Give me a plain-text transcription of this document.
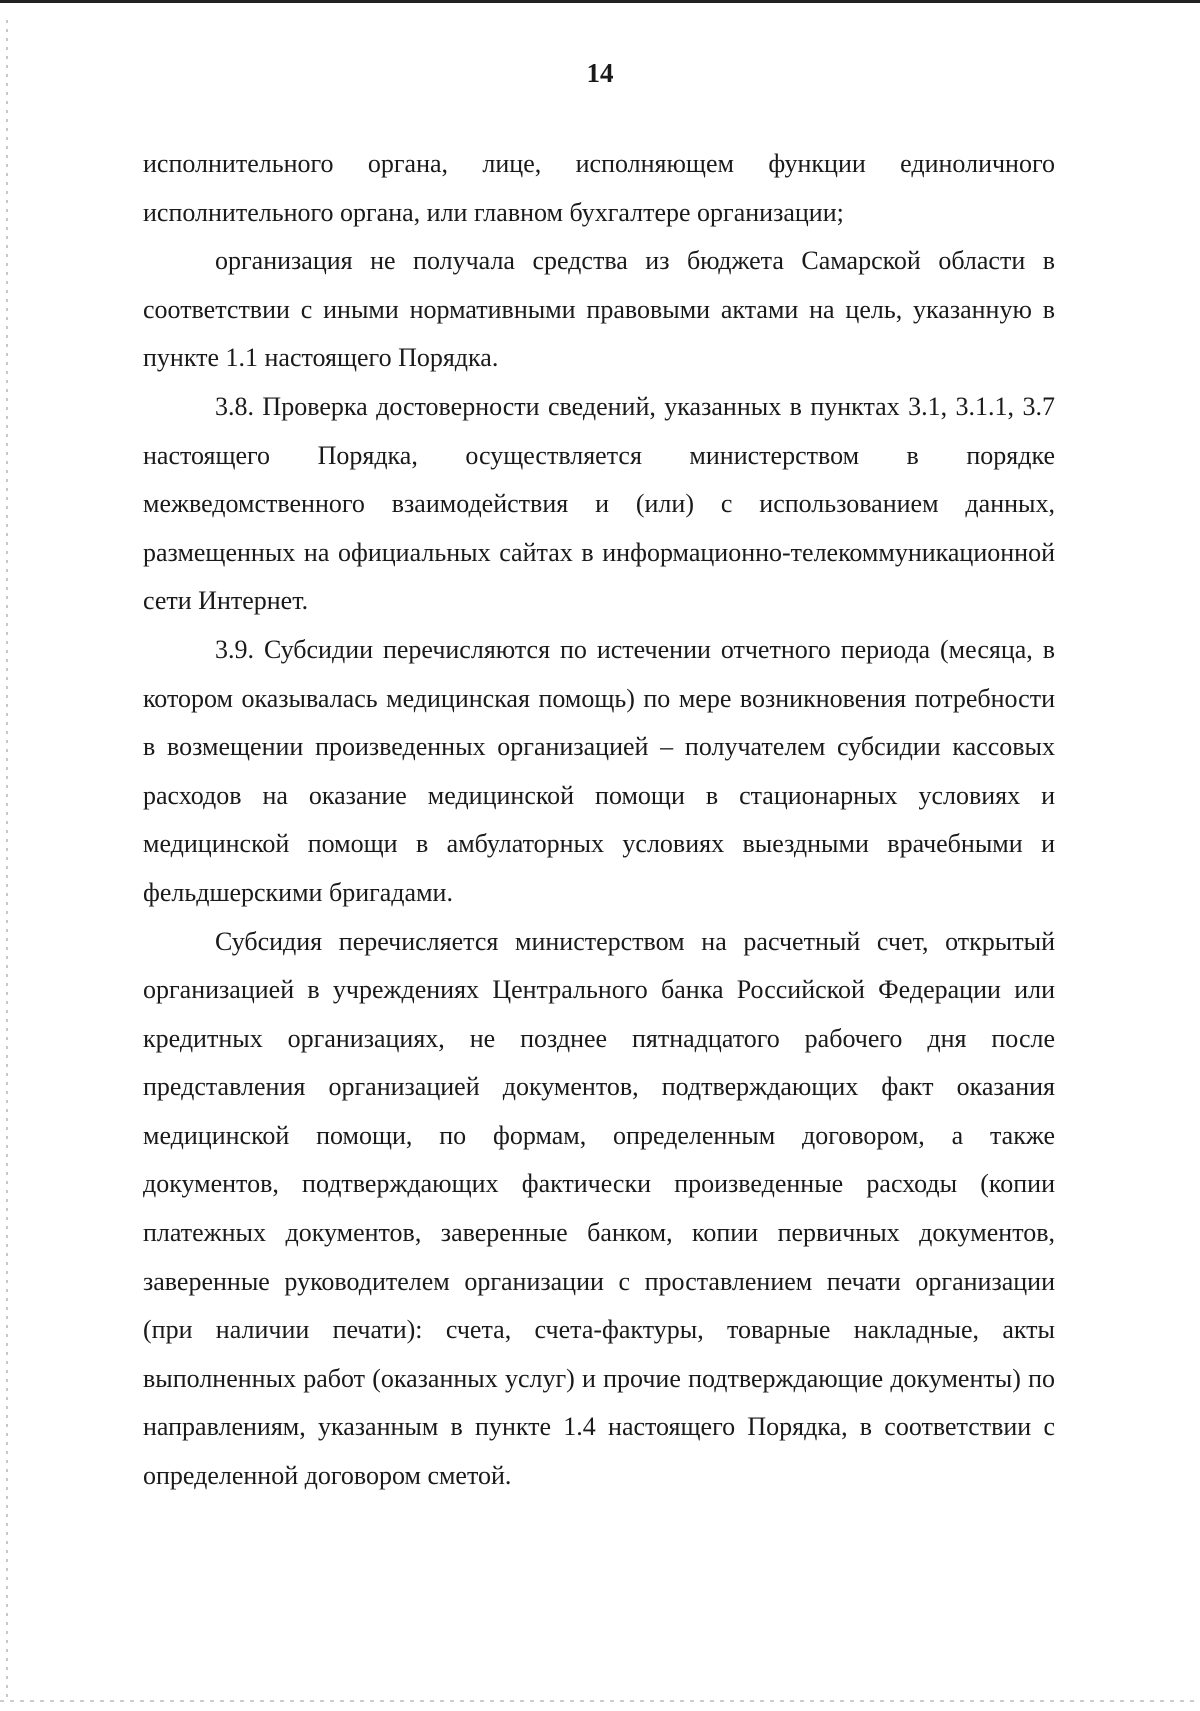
14

исполнительного органа, лице, исполняющем функции единоличного исполнительного органа, или главном бухгалтере организации;

организация не получала средства из бюджета Самарской области в соответствии с иными нормативными правовыми актами на цель, указанную в пункте 1.1 настоящего Порядка.

3.8. Проверка достоверности сведений, указанных в пунктах 3.1, 3.1.1, 3.7 настоящего Порядка, осуществляется министерством в порядке межведомственного взаимодействия и (или) с использованием данных, размещенных на официальных сайтах в информационно-телекоммуникационной сети Интернет.

3.9. Субсидии перечисляются по истечении отчетного периода (месяца, в котором оказывалась медицинская помощь) по мере возникновения потребности в возмещении произведенных организацией – получателем субсидии кассовых расходов на оказание медицинской помощи в стационарных условиях и медицинской помощи в амбулаторных условиях выездными врачебными и фельдшерскими бригадами.

Субсидия перечисляется министерством на расчетный счет, открытый организацией в учреждениях Центрального банка Российской Федерации или кредитных организациях, не позднее пятнадцатого рабочего дня после представления организацией документов, подтверждающих факт оказания медицинской помощи, по формам, определенным договором, а также документов, подтверждающих фактически произведенные расходы (копии платежных документов, заверенные банком, копии первичных документов, заверенные руководителем организации с проставлением печати организации (при наличии печати): счета, счета-фактуры, товарные накладные, акты выполненных работ (оказанных услуг) и прочие подтверждающие документы) по направлениям, указанным в пункте 1.4 настоящего Порядка, в соответствии с определенной договором сметой.
